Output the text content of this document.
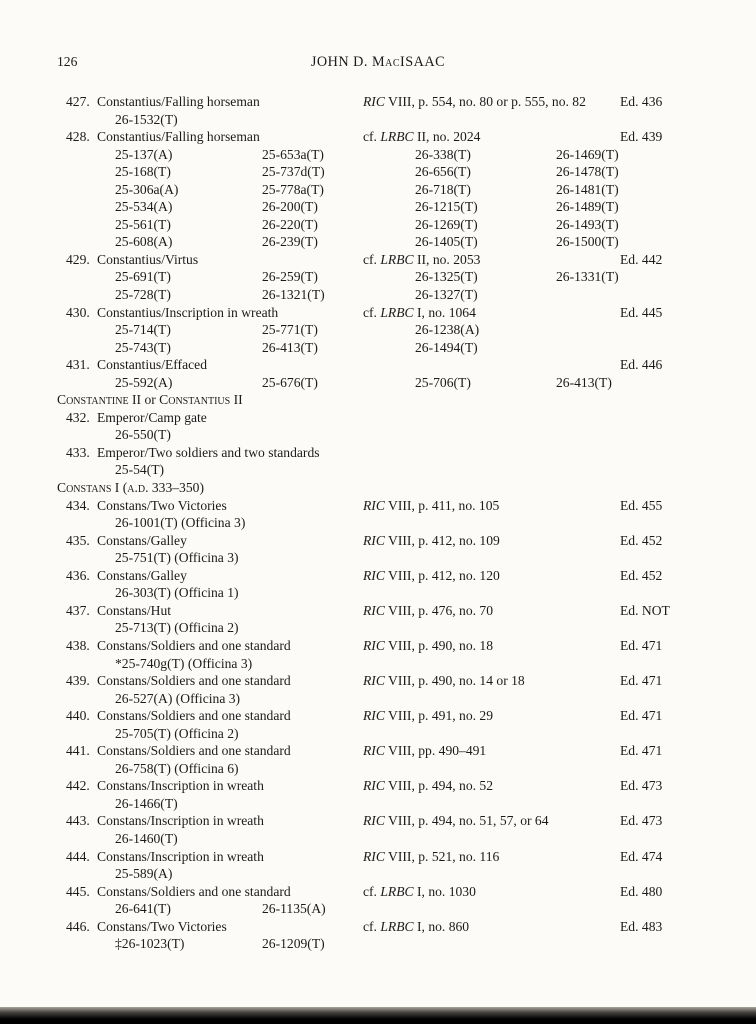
126	JOHN D. MacISAAC
427. Constantius/Falling horseman	RIC VIII, p. 554, no. 80 or p. 555, no. 82	Ed. 436
26-1532(T)
428. Constantius/Falling horseman	cf. LRBC II, no. 2024	Ed. 439
25-137(A)	25-653a(T)	26-338(T)	26-1469(T)
25-168(T)	25-737d(T)	26-656(T)	26-1478(T)
25-306a(A)	25-778a(T)	26-718(T)	26-1481(T)
25-534(A)	26-200(T)	26-1215(T)	26-1489(T)
25-561(T)	26-220(T)	26-1269(T)	26-1493(T)
25-608(A)	26-239(T)	26-1405(T)	26-1500(T)
429. Constantius/Virtus	cf. LRBC II, no. 2053	Ed. 442
25-691(T)	26-259(T)	26-1325(T)	26-1331(T)
25-728(T)	26-1321(T)	26-1327(T)
430. Constantius/Inscription in wreath	cf. LRBC I, no. 1064	Ed. 445
25-714(T)	25-771(T)	26-1238(A)
25-743(T)	26-413(T)	26-1494(T)
431. Constantius/Effaced	Ed. 446
25-592(A)	25-676(T)	25-706(T)	26-413(T)
Constantine II or Constantius II
432. Emperor/Camp gate
26-550(T)
433. Emperor/Two soldiers and two standards
25-54(T)
Constans I (a.d. 333–350)
434. Constans/Two Victories	RIC VIII, p. 411, no. 105	Ed. 455
26-1001(T) (Officina 3)
435. Constans/Galley	RIC VIII, p. 412, no. 109	Ed. 452
25-751(T) (Officina 3)
436. Constans/Galley	RIC VIII, p. 412, no. 120	Ed. 452
26-303(T) (Officina 1)
437. Constans/Hut	RIC VIII, p. 476, no. 70	Ed. NOT
25-713(T) (Officina 2)
438. Constans/Soldiers and one standard	RIC VIII, p. 490, no. 18	Ed. 471
*25-740g(T) (Officina 3)
439. Constans/Soldiers and one standard	RIC VIII, p. 490, no. 14 or 18	Ed. 471
26-527(A) (Officina 3)
440. Constans/Soldiers and one standard	RIC VIII, p. 491, no. 29	Ed. 471
25-705(T) (Officina 2)
441. Constans/Soldiers and one standard	RIC VIII, pp. 490–491	Ed. 471
26-758(T) (Officina 6)
442. Constans/Inscription in wreath	RIC VIII, p. 494, no. 52	Ed. 473
26-1466(T)
443. Constans/Inscription in wreath	RIC VIII, p. 494, no. 51, 57, or 64	Ed. 473
26-1460(T)
444. Constans/Inscription in wreath	RIC VIII, p. 521, no. 116	Ed. 474
25-589(A)
445. Constans/Soldiers and one standard	cf. LRBC I, no. 1030	Ed. 480
26-641(T)	26-1135(A)
446. Constans/Two Victories	cf. LRBC I, no. 860	Ed. 483
‡26-1023(T)	26-1209(T)
